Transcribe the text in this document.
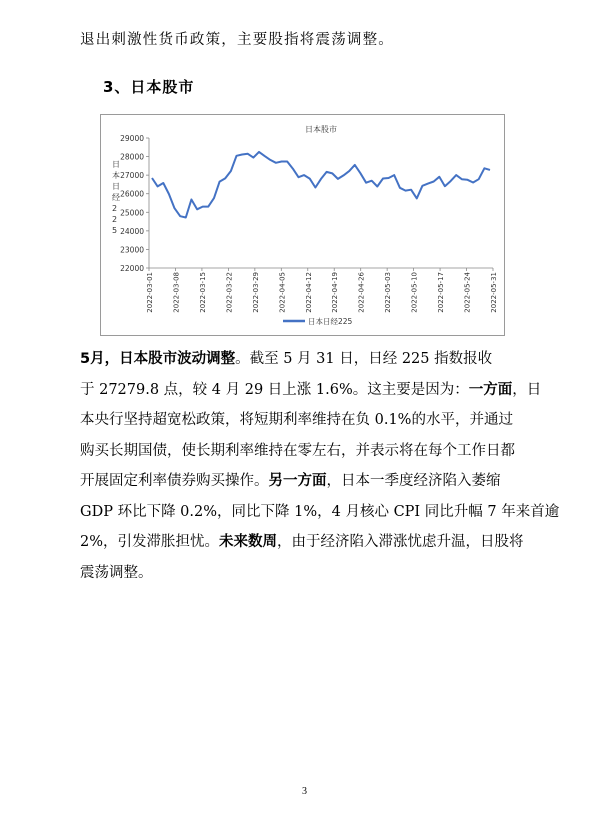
退出刺激性货币政策，主要股指将震荡调整。
3、日本股市
日本股市
22000
23000
24000
25000
26000
27000
28000
29000
日本日经 2 2 5
2022-03-01	2022-03-08	2022-03-15	2022-03-22	2022-03-29	2022-04-05	2022-04-12	2022-04-19	2022-04-26	2022-05-03	2022-05-10	2022-05-17	2022-05-24	2022-05-31
日本日经225
5月，日本股市波动调整。截至 5 月 31 日，日经 225 指数报收
于 27279.8 点，较 4 月 29 日上涨 1.6%。这主要是因为：一方面，日
本央行坚持超宽松政策，将短期利率维持在负 0.1%的水平，并通过
购买长期国债，使长期利率维持在零左右，并表示将在每个工作日都
开展固定利率债券购买操作。另一方面，日本一季度经济陷入萎缩
GDP 环比下降 0.2%，同比下降 1%，4 月核心 CPI 同比升幅 7 年来首逾
2%，引发滞胀担忧。未来数周，由于经济陷入滞涨忧虑升温，日股将
震荡调整。
3
